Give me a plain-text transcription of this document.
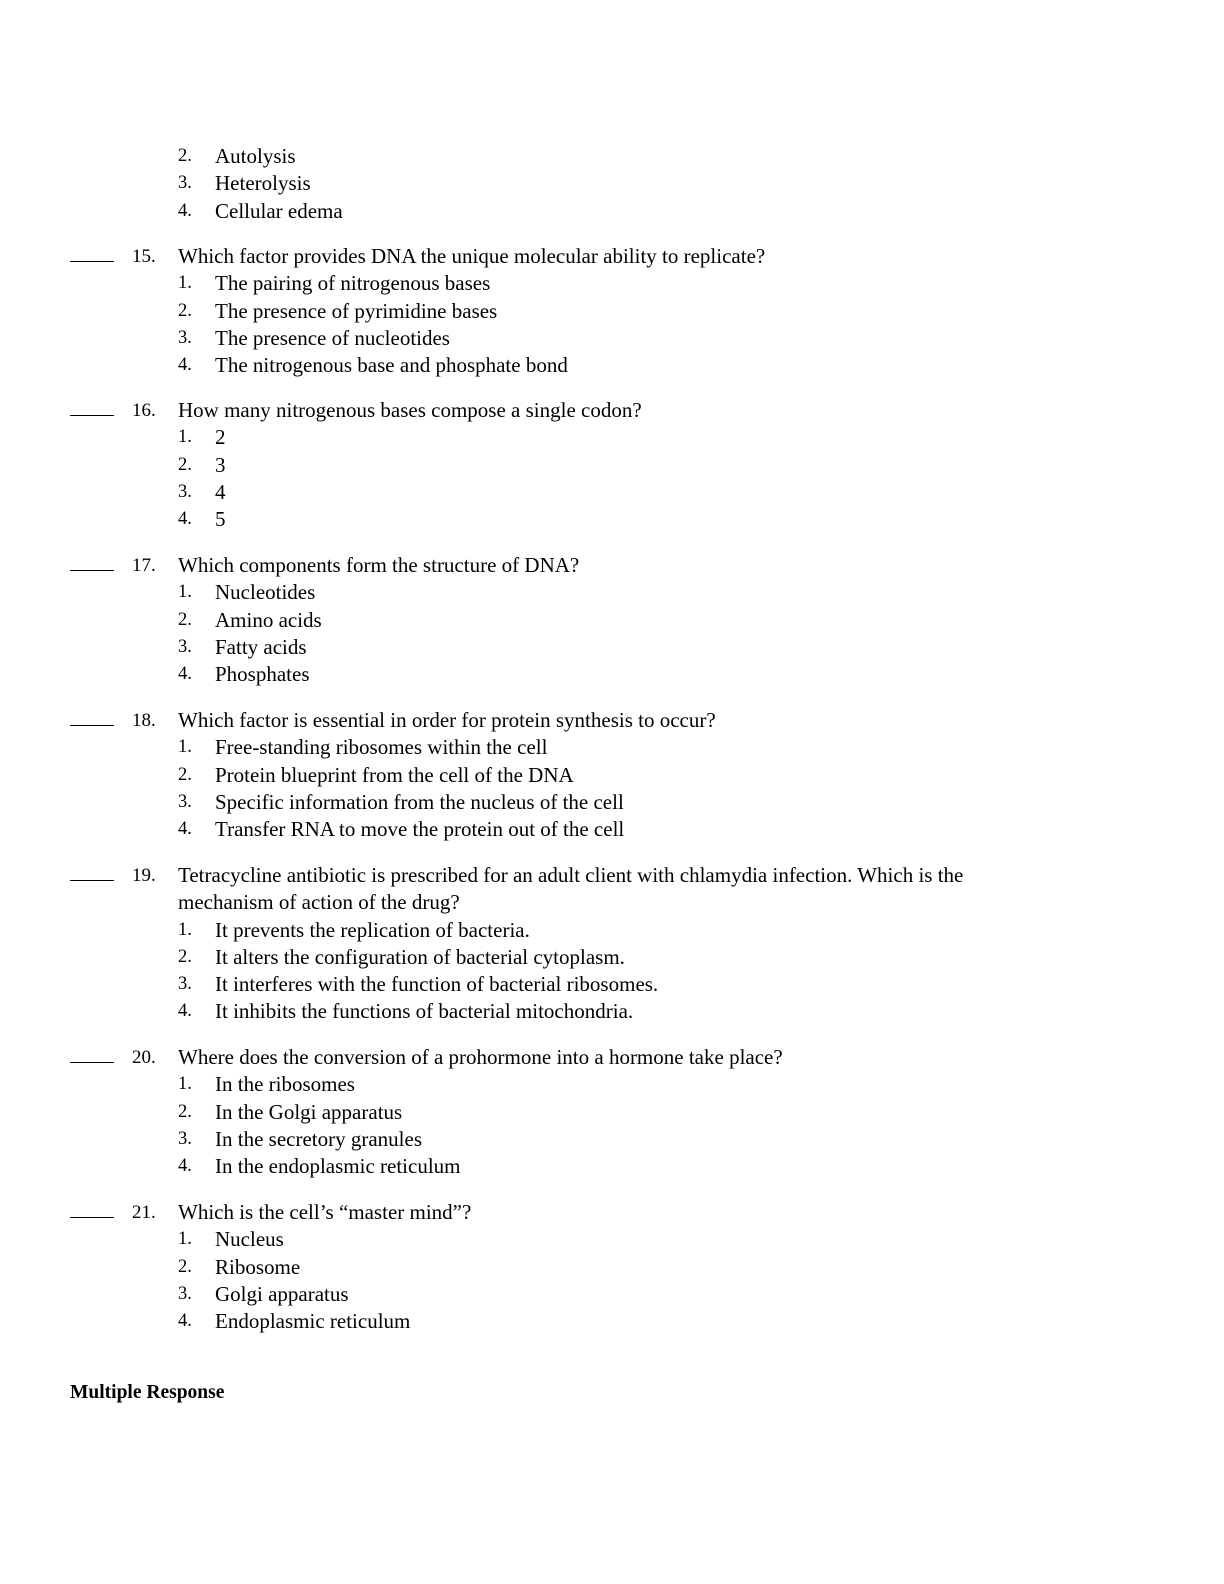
2.	Autolysis
3.	Heterolysis
4.	Cellular edema
15. Which factor provides DNA the unique molecular ability to replicate?
1.	The pairing of nitrogenous bases
2.	The presence of pyrimidine bases
3.	The presence of nucleotides
4.	The nitrogenous base and phosphate bond
16. How many nitrogenous bases compose a single codon?
1.	2
2.	3
3.	4
4.	5
17. Which components form the structure of DNA?
1.	Nucleotides
2.	Amino acids
3.	Fatty acids
4.	Phosphates
18. Which factor is essential in order for protein synthesis to occur?
1.	Free-standing ribosomes within the cell
2.	Protein blueprint from the cell of the DNA
3.	Specific information from the nucleus of the cell
4.	Transfer RNA to move the protein out of the cell
19. Tetracycline antibiotic is prescribed for an adult client with chlamydia infection. Which is the
mechanism of action of the drug?
1.	It prevents the replication of bacteria.
2.	It alters the configuration of bacterial cytoplasm.
3.	It interferes with the function of bacterial ribosomes.
4.	It inhibits the functions of bacterial mitochondria.
20. Where does the conversion of a prohormone into a hormone take place?
1.	In the ribosomes
2.	In the Golgi apparatus
3.	In the secretory granules
4.	In the endoplasmic reticulum
21. Which is the cell’s “master mind”?
1.	Nucleus
2.	Ribosome
3.	Golgi apparatus
4.	Endoplasmic reticulum
Multiple Response
